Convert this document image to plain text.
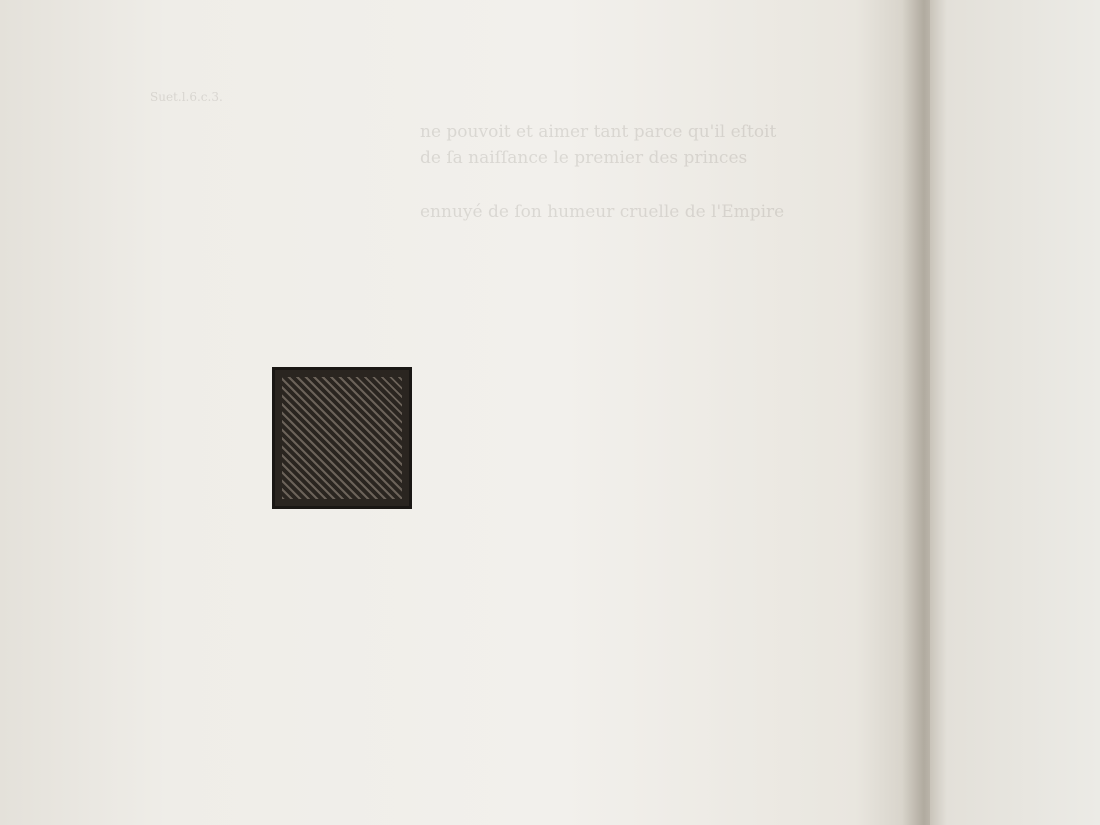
ne pouvoit et aimer tant parce qu'il eſtoit
de ſa naiſſance le premier des princes
ennuyé de ſon humeur cruelle de l'Empire
Suet.l.6.c.3.
